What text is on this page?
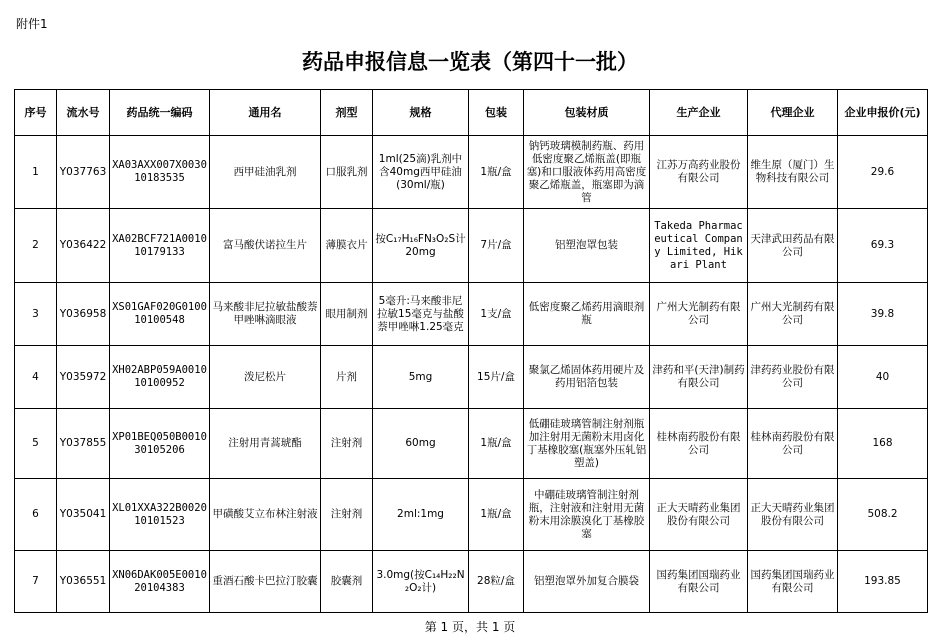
附件1
药品申报信息一览表（第四十一批）
序号	流水号	药品统一编码	通用名	剂型	规格	包装	包装材质	生产企业	代理企业	企业申报价(元)
1	Y037763	XA03AXX007X0030 10183535	西甲硅油乳剂	口服乳剂	1ml(25滴)乳剂中含40mg西甲硅油(30ml/瓶)	1瓶/盒	钠钙玻璃模制药瓶、药用低密度聚乙烯瓶盖(即瓶塞)和口服液体药用高密度聚乙烯瓶盖，瓶塞即为滴管	江苏万高药业股份有限公司	维生原（厦门）生物科技有限公司	29.6
2	Y036422	XA02BCF721A0010 10179133	富马酸伏诺拉生片	薄膜衣片	按C₁₇H₁₆FN₃O₂S计20mg	7片/盒	铝塑泡罩包装	Takeda Pharmaceutical Company Limited, Hikari Plant	天津武田药品有限公司	69.3
3	Y036958	XS01GAF020G0100 10100548	马来酸非尼拉敏盐酸萘甲唑啉滴眼液	眼用制剂	5毫升:马来酸非尼拉敏15毫克与盐酸萘甲唑啉1.25毫克	1支/盒	低密度聚乙烯药用滴眼剂瓶	广州大光制药有限公司	广州大光制药有限公司	39.8
4	Y035972	XH02ABP059A0010 10100952	泼尼松片	片剂	5mg	15片/盒	聚氯乙烯固体药用硬片及药用铝箔包装	津药和平(天津)制药有限公司	津药药业股份有限公司	40
5	Y037855	XP01BEQ050B0010 30105206	注射用青蒿琥酯	注射剂	60mg	1瓶/盒	低硼硅玻璃管制注射剂瓶加注射用无菌粉末用卤化丁基橡胶塞(瓶塞外压轧铝塑盖)	桂林南药股份有限公司	桂林南药股份有限公司	168
6	Y035041	XL01XXA322B0020 10101523	甲磺酸艾立布林注射液	注射剂	2ml:1mg	1瓶/盒	中硼硅玻璃管制注射剂瓶，注射液和注射用无菌粉末用涂膜溴化丁基橡胶塞	正大天晴药业集团股份有限公司	正大天晴药业集团股份有限公司	508.2
7	Y036551	XN06DAK005E0010 20104383	重酒石酸卡巴拉汀胶囊	胶囊剂	3.0mg(按C₁₄H₂₂N₂O₂计)	28粒/盒	铝塑泡罩外加复合膜袋	国药集团国瑞药业有限公司	国药集团国瑞药业有限公司	193.85
第 1 页，共 1 页
